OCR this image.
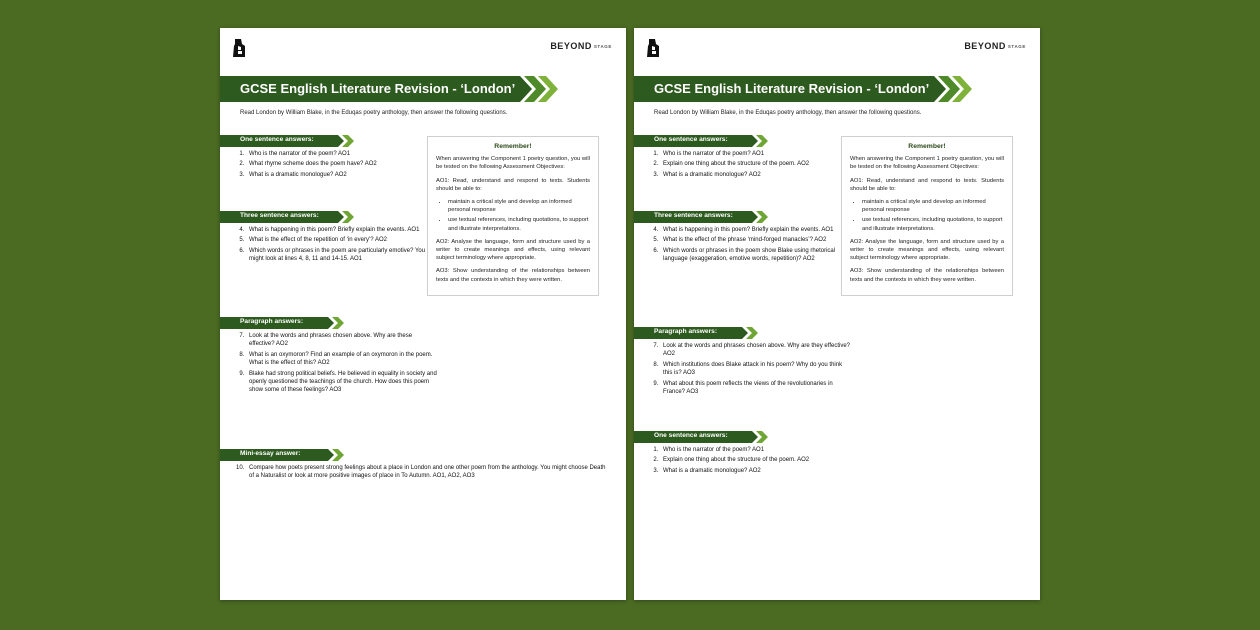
BEYOND STAGE
GCSE English Literature Revision - ‘London’
Read London by William Blake, in the Eduqas poetry anthology, then answer the following questions.
One sentence answers:
1. Who is the narrator of the poem? AO1
2. What rhyme scheme does the poem have? AO2
3. What is a dramatic monologue? AO2
Three sentence answers:
4. What is happening in this poem? Briefly explain the events. AO1
5. What is the effect of the repetition of ‘in every’? AO2
6. Which words or phrases in the poem are particularly emotive? You might look at lines 4, 8, 11 and 14-15. AO1
Paragraph answers:
7. Look at the words and phrases chosen above. Why are these effective? AO2
8. What is an oxymoron? Find an example of an oxymoron in the poem. What is the effect of this? AO2
9. Blake had strong political beliefs. He believed in equality in society and openly questioned the teachings of the church. How does this poem show some of these feelings? AO3
Mini-essay answer:
10. Compare how poets present strong feelings about a place in London and one other poem from the anthology. You might choose Death of a Naturalist or look at more positive images of place in To Autumn. AO1, AO2, AO3
Remember!

When answering the Component 1 poetry question, you will be tested on the following Assessment Objectives:

AO1: Read, understand and respond to texts. Students should be able to:

• maintain a critical style and develop an informed personal response
• use textual references, including quotations, to support and illustrate interpretations.

AO2: Analyse the language, form and structure used by a writer to create meanings and effects, using relevant subject terminology where appropriate.

AO3: Show understanding of the relationships between texts and the contexts in which they were written.

BEYOND STAGE
GCSE English Literature Revision - ‘London’
Read London by William Blake, in the Eduqas poetry anthology, then answer the following questions.
One sentence answers:
1. Who is the narrator of the poem? AO1
2. Explain one thing about the structure of the poem. AO2
3. What is a dramatic monologue? AO2
Three sentence answers:
4. What is happening in this poem? Briefly explain the events. AO1
5. What is the effect of the phrase ‘mind-forged manacles’? AO2
6. Which words or phrases in the poem show Blake using rhetorical language (exaggeration, emotive words, repetition)? AO2
Paragraph answers:
7. Look at the words and phrases chosen above. Why are they effective? AO2
8. Which institutions does Blake attack in his poem? Why do you think this is? AO3
9. What about this poem reflects the views of the revolutionaries in France? AO3
One sentence answers:
1. Who is the narrator of the poem? AO1
2. Explain one thing about the structure of the poem. AO2
3. What is a dramatic monologue? AO2
Remember!

When answering the Component 1 poetry question, you will be tested on the following Assessment Objectives:

AO1: Read, understand and respond to texts. Students should be able to:

• maintain a critical style and develop an informed personal response
• use textual references, including quotations, to support and illustrate interpretations.

AO2: Analyse the language, form and structure used by a writer to create meanings and effects, using relevant subject terminology where appropriate.

AO3: Show understanding of the relationships between texts and the contexts in which they were written.
